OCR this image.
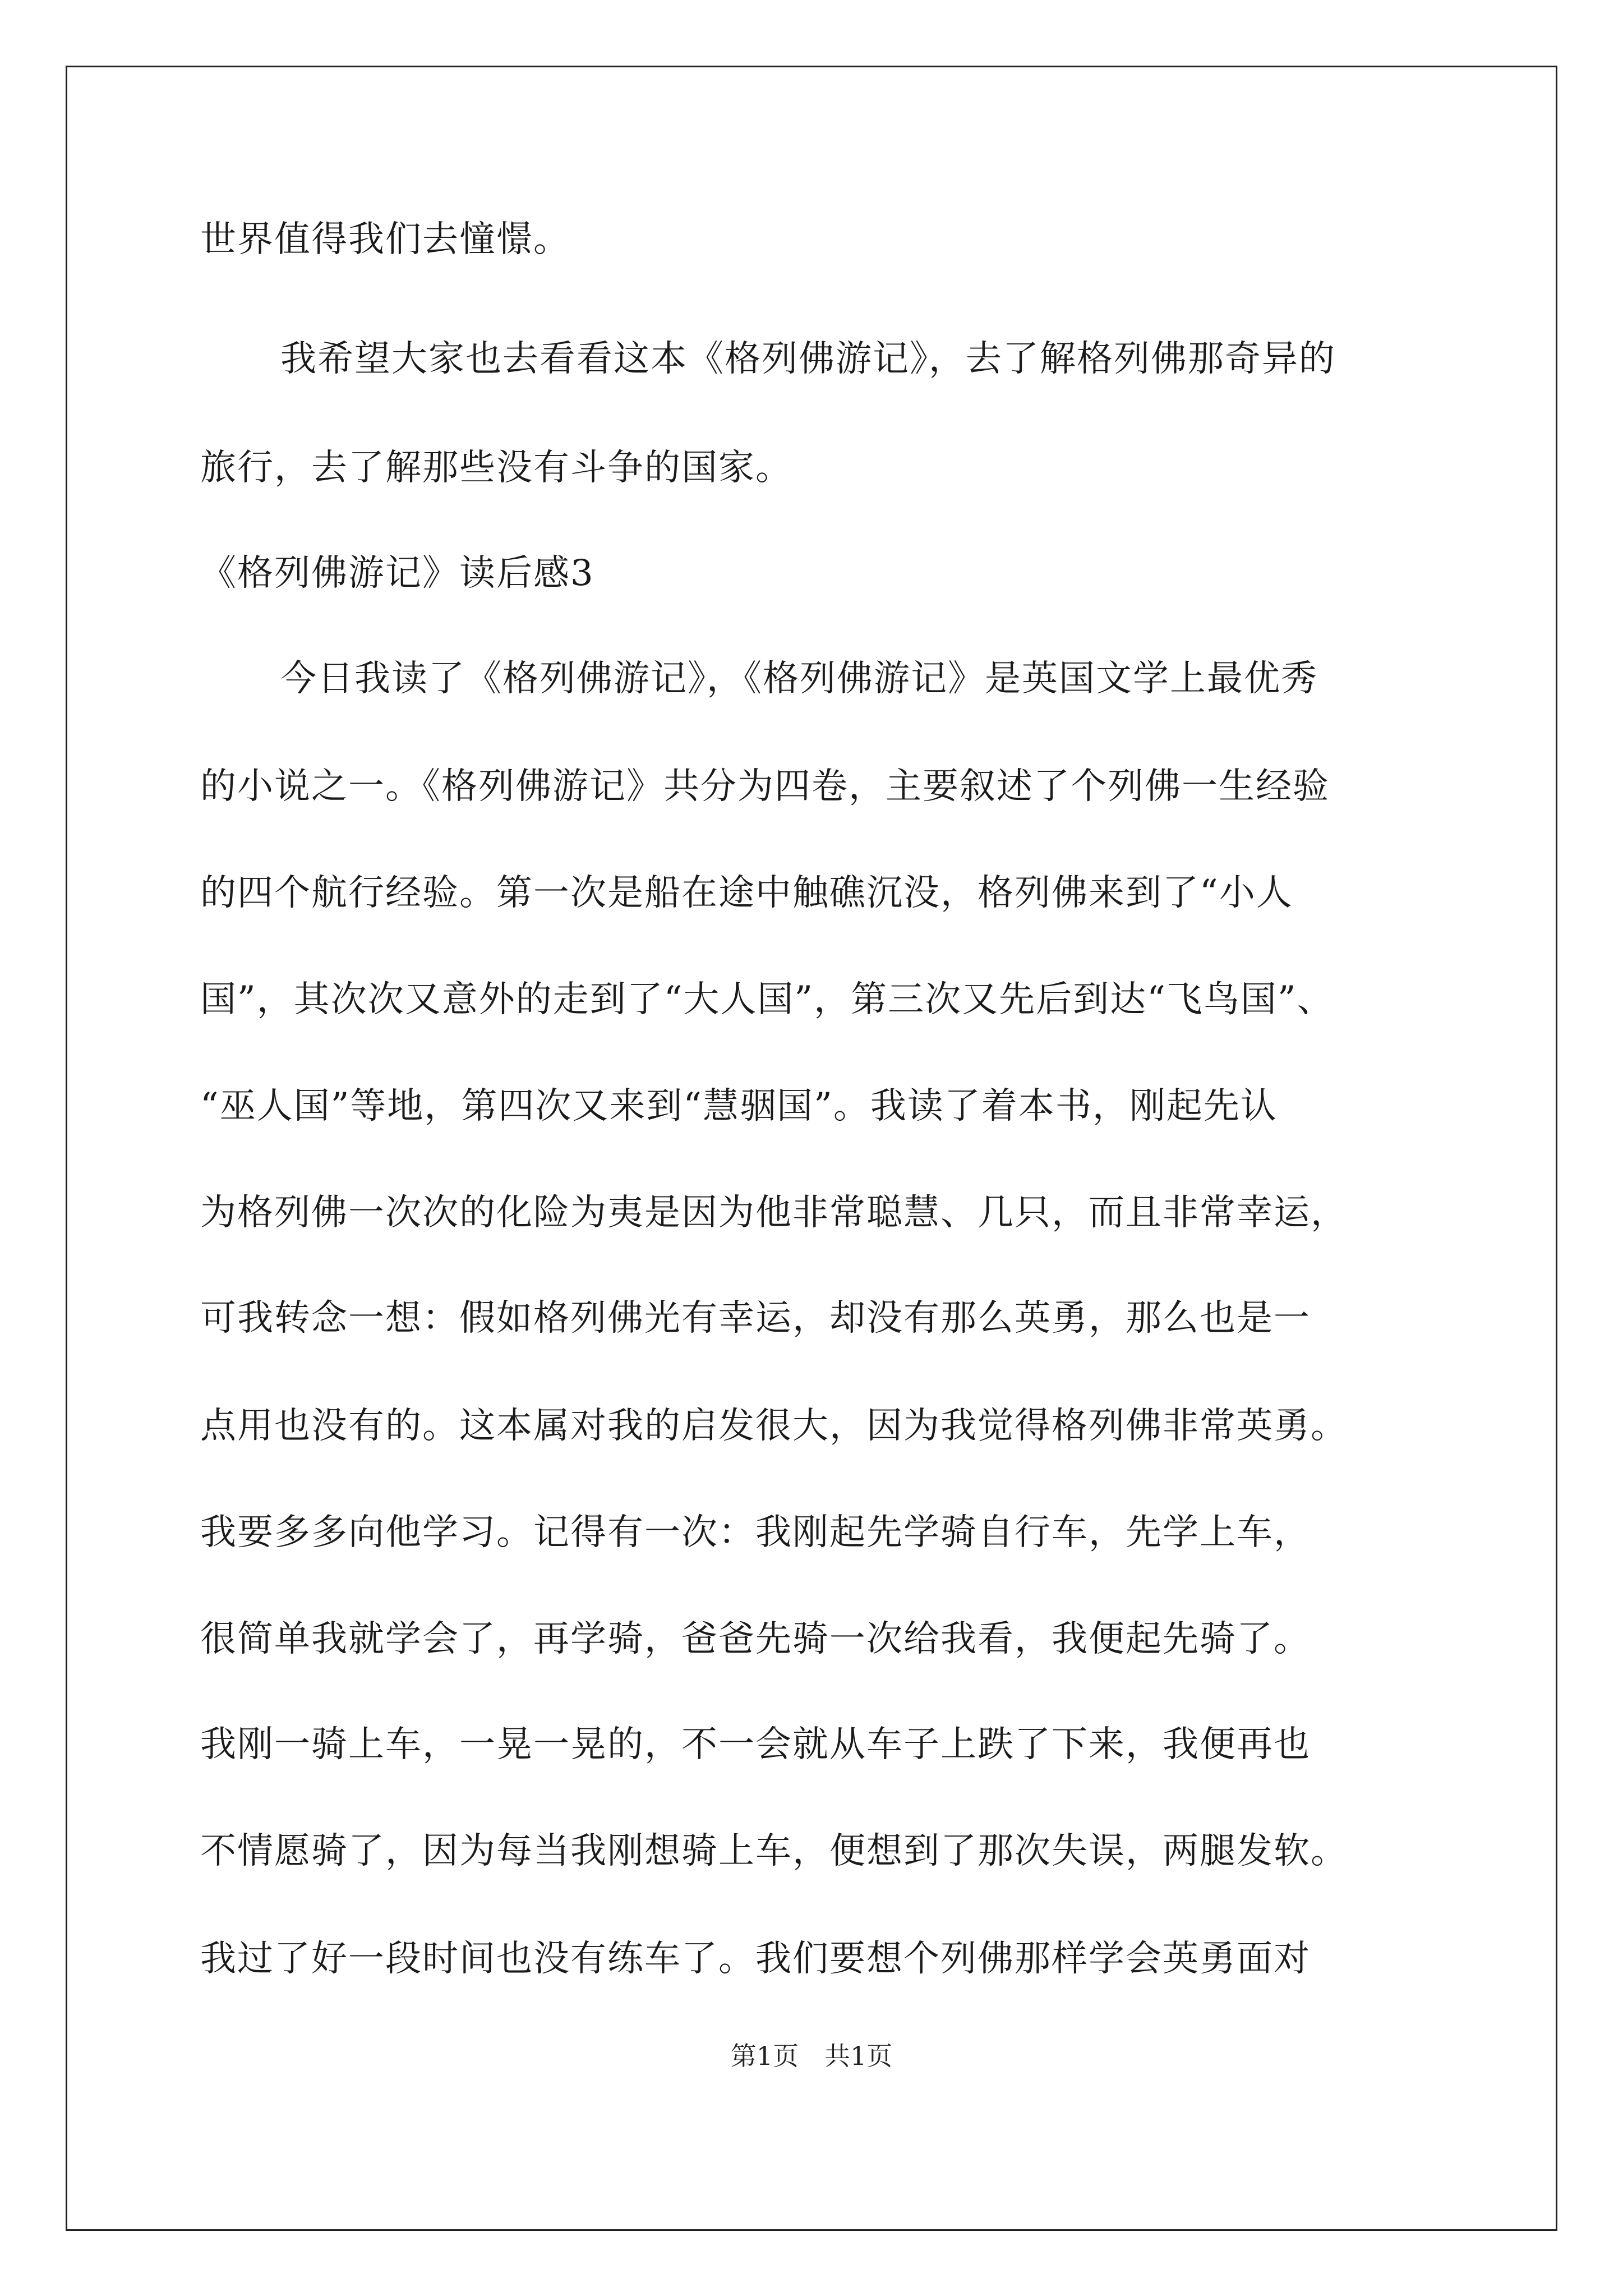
世界值得我们去憧憬。
我希望大家也去看看这本《格列佛游记》，去了解格列佛那奇异的
旅行，去了解那些没有斗争的国家。
《格列佛游记》读后感3
今日我读了《格列佛游记》，《格列佛游记》是英国文学上最优秀
的小说之一。《格列佛游记》共分为四卷，主要叙述了个列佛一生经验
的四个航行经验。第一次是船在途中触礁沉没，格列佛来到了“小人
国”，其次次又意外的走到了“大人国”，第三次又先后到达“飞鸟国”、
“巫人国”等地，第四次又来到“慧骃国”。我读了着本书，刚起先认
为格列佛一次次的化险为夷是因为他非常聪慧、几只，而且非常幸运，
可我转念一想：假如格列佛光有幸运，却没有那么英勇，那么也是一
点用也没有的。这本属对我的启发很大，因为我觉得格列佛非常英勇。
我要多多向他学习。记得有一次：我刚起先学骑自行车，先学上车，
很简单我就学会了，再学骑，爸爸先骑一次给我看，我便起先骑了。
我刚一骑上车，一晃一晃的，不一会就从车子上跌了下来，我便再也
不情愿骑了，因为每当我刚想骑上车，便想到了那次失误，两腿发软。
我过了好一段时间也没有练车了。我们要想个列佛那样学会英勇面对
第1页　共1页
